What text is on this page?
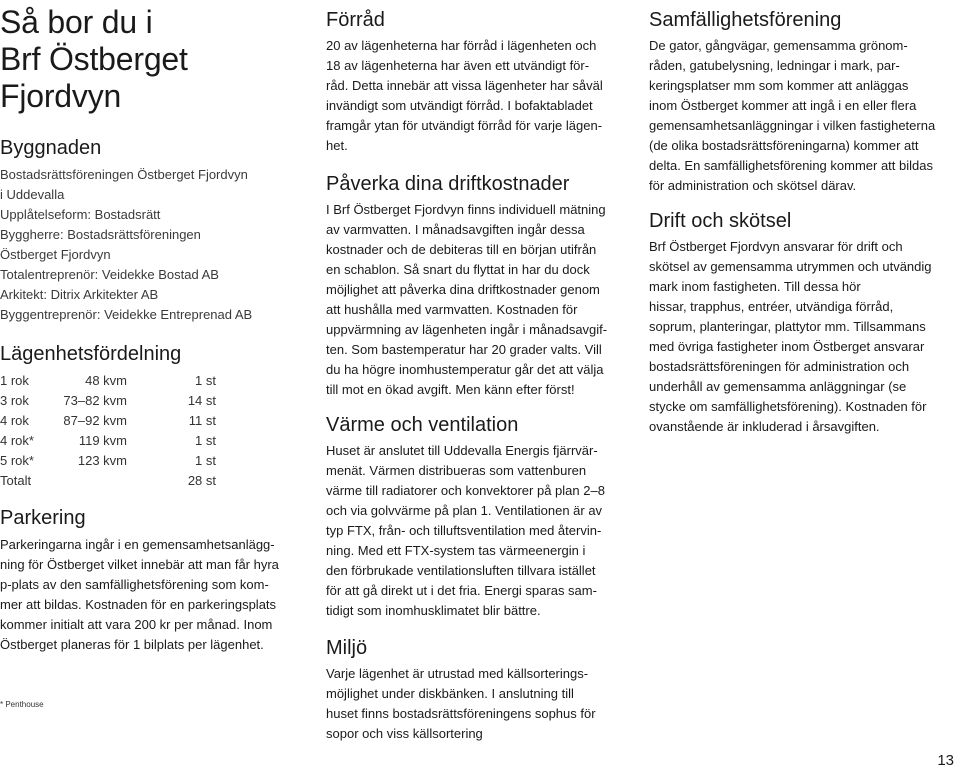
Så bor du i
Brf Östberget
Fjordvyn
Byggnaden
Bostadsrättsföreningen Östberget Fjordvyn
i Uddevalla
Upplåtelseform: Bostadsrätt
Byggherre: Bostadsrättsföreningen
Östberget Fjordvyn
Totalentreprenör: Veidekke Bostad AB
Arkitekt: Ditrix Arkitekter AB
Byggentreprenör: Veidekke Entreprenad AB
Lägenhetsfördelning
1 rok	48 kvm	1 st
3 rok	73–82 kvm	14 st
4 rok	87–92 kvm	11 st
4 rok*	119 kvm	1 st
5 rok*	123 kvm	1 st
Totalt	28 st
Parkering
Parkeringarna ingår i en gemensamhetsanlägg-
ning för Östberget vilket innebär att man får hyra
p-plats av den samfällighetsförening som kom-
mer att bildas. Kostnaden för en parkeringsplats
kommer initialt att vara 200 kr per månad. Inom
Östberget planeras för 1 bilplats per lägenhet.
* Penthouse
Förråd
20 av lägenheterna har förråd i lägenheten och
18 av lägenheterna har även ett utvändigt för-
råd. Detta innebär att vissa lägenheter har såväl
invändigt som utvändigt förråd. I bofaktabladet
framgår ytan för utvändigt förråd för varje lägen-
het.
Påverka dina driftkostnader
I Brf Östberget Fjordvyn finns individuell mätning
av varmvatten. I månadsavgiften ingår dessa
kostnader och de debiteras till en början utifrån
en schablon. Så snart du flyttat in har du dock
möjlighet att påverka dina driftkostnader genom
att hushålla med varmvatten. Kostnaden för
uppvärmning av lägenheten ingår i månadsavgif-
ten. Som bastemperatur har 20 grader valts. Vill
du ha högre inomhustemperatur går det att välja
till mot en ökad avgift. Men känn efter först!
Värme och ventilation
Huset är anslutet till Uddevalla Energis fjärrvär-
menät. Värmen distribueras som vattenburen
värme till radiatorer och konvektorer på plan 2–8
och via golvvärme på plan 1. Ventilationen är av
typ FTX, från- och tilluftsventilation med återvin-
ning. Med ett FTX-system tas värmeenergin i
den förbrukade ventilationsluften tillvara istället
för att gå direkt ut i det fria. Energi sparas sam-
tidigt som inomhusklimatet blir bättre.
Miljö
Varje lägenhet är utrustad med källsorterings-
möjlighet under diskbänken. I anslutning till
huset finns bostadsrättsföreningens sophus för
sopor och viss källsortering
Samfällighetsförening
De gator, gångvägar, gemensamma grönom-
råden, gatubelysning, ledningar i mark, par-
keringsplatser mm som kommer att anläggas
inom Östberget kommer att ingå i en eller flera
gemensamhetsanläggningar i vilken fastigheterna
(de olika bostadsrättsföreningarna) kommer att
delta. En samfällighetsförening kommer att bildas
för administration och skötsel därav.
Drift och skötsel
Brf Östberget Fjordvyn ansvarar för drift och
skötsel av gemensamma utrymmen och utvändig
mark inom fastigheten. Till dessa hör
hissar, trapphus, entréer, utvändiga förråd,
soprum, planteringar, plattytor mm. Tillsammans
med övriga fastigheter inom Östberget ansvarar
bostadsrättsföreningen för administration och
underhåll av gemensamma anläggningar (se
stycke om samfällighetsförening). Kostnaden för
ovanstående är inkluderad i årsavgiften.
13
